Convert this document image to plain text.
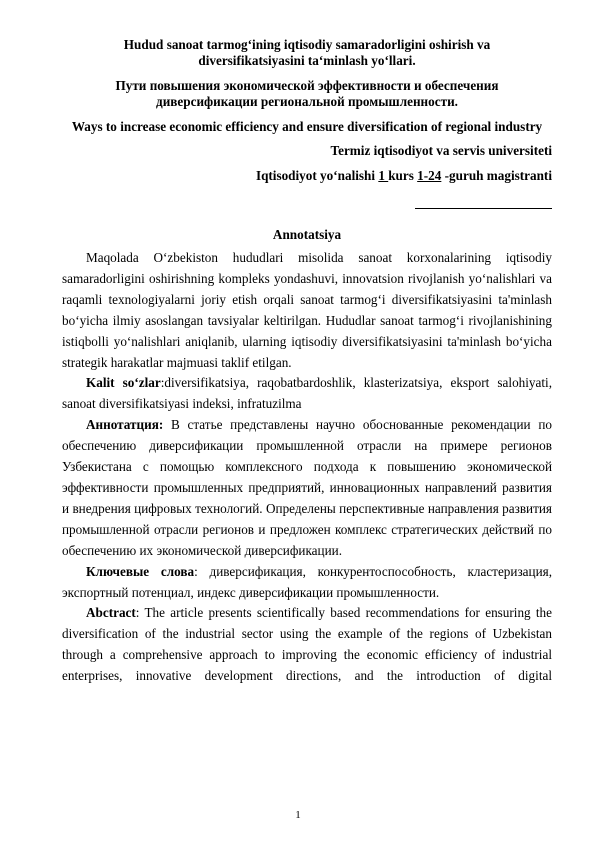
Hudud sanoat tarmogʻining iqtisodiy samaradorligini oshirish va diversifikatsiyasini taʻminlash yoʻllari.

Пути повышения экономической эффективности и обеспечения диверсификации региональной промышленности.

Ways to increase economic efficiency and ensure diversification of regional industry

Termiz iqtisodiyot va servis universiteti

Iqtisodiyot yoʻnalishi 1 kurs 1-24 -guruh magistranti

Annotatsiya

Maqolada Oʻzbekiston hududlari misolida sanoat korxonalarining iqtisodiy samaradorligini oshirishning kompleks yondashuvi, innovatsion rivojlanish yoʻnalishlari va raqamli texnologiyalarni joriy etish orqali sanoat tarmogʻi diversifikatsiyasini ta'minlash boʻyicha ilmiy asoslangan tavsiyalar keltirilgan. Hududlar sanoat tarmogʻi rivojlanishining istiqbolli yoʻnalishlari aniqlanib, ularning iqtisodiy diversifikatsiyasini ta'minlash boʻyicha strategik harakatlar majmuasi taklif etilgan.

Kalit soʻzlar:diversifikatsiya, raqobatbardoshlik, klasterizatsiya, eksport salohiyati, sanoat diversifikatsiyasi indeksi, infratuzilma

Аннотатция: В статье представлены научно обоснованные рекомендации по обеспечению диверсификации промышленной отрасли на примере регионов Узбекистана с помощью комплексного подхода к повышению экономической эффективности промышленных предприятий, инновационных направлений развития и внедрения цифровых технологий. Определены перспективные направления развития промышленной отрасли регионов и предложен комплекс стратегических действий по обеспечению их экономической диверсификации.

Ключевые слова: диверсификация, конкурентоспособность, кластеризация, экспортный потенциал, индекс диверсификации промышленности.

Abctract: The article presents scientifically based recommendations for ensuring the diversification of the industrial sector using the example of the regions of Uzbekistan through a comprehensive approach to improving the economic efficiency of industrial enterprises, innovative development directions, and the introduction of digital

1
